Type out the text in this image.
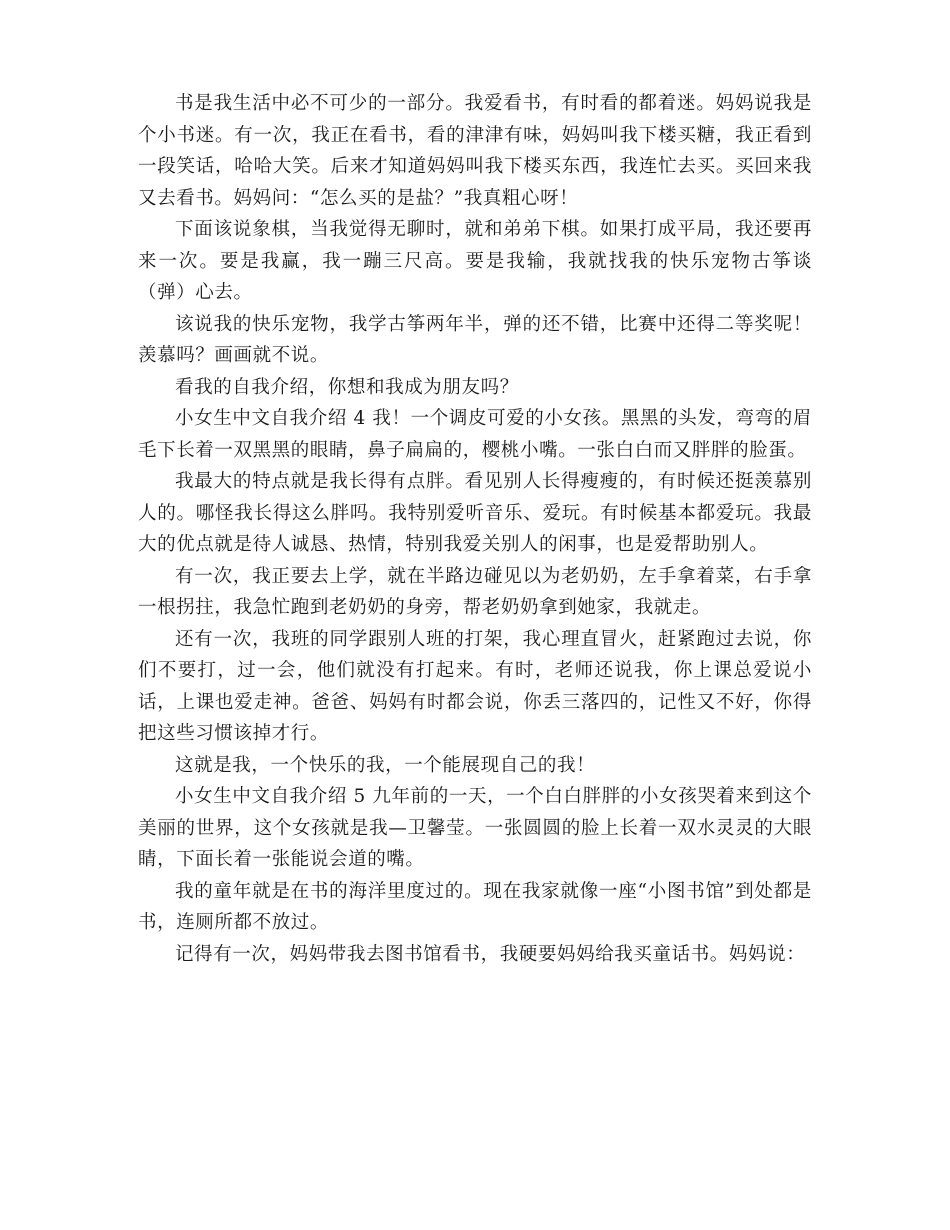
书是我生活中必不可少的一部分。我爱看书，有时看的都着迷。妈妈说我是个小书迷。有一次，我正在看书，看的津津有味，妈妈叫我下楼买糖，我正看到一段笑话，哈哈大笑。后来才知道妈妈叫我下楼买东西，我连忙去买。买回来我又去看书。妈妈问：“怎么买的是盐？”我真粗心呀！

下面该说象棋，当我觉得无聊时，就和弟弟下棋。如果打成平局，我还要再来一次。要是我赢，我一蹦三尺高。要是我输，我就找我的快乐宠物古筝谈（弹）心去。

该说我的快乐宠物，我学古筝两年半，弹的还不错，比赛中还得二等奖呢！羡慕吗？画画就不说。

看我的自我介绍，你想和我成为朋友吗？

小女生中文自我介绍 4 我！一个调皮可爱的小女孩。黑黑的头发，弯弯的眉毛下长着一双黑黑的眼睛，鼻子扁扁的，樱桃小嘴。一张白白而又胖胖的脸蛋。

我最大的特点就是我长得有点胖。看见别人长得瘦瘦的，有时候还挺羡慕别人的。哪怪我长得这么胖吗。我特别爱听音乐、爱玩。有时候基本都爱玩。我最大的优点就是待人诚恳、热情，特别我爱关别人的闲事，也是爱帮助别人。

有一次，我正要去上学，就在半路边碰见以为老奶奶，左手拿着菜，右手拿一根拐拄，我急忙跑到老奶奶的身旁，帮老奶奶拿到她家，我就走。

还有一次，我班的同学跟别人班的打架，我心理直冒火，赶紧跑过去说，你们不要打，过一会，他们就没有打起来。有时，老师还说我，你上课总爱说小话，上课也爱走神。爸爸、妈妈有时都会说，你丢三落四的，记性又不好，你得把这些习惯该掉才行。

这就是我，一个快乐的我，一个能展现自己的我！

小女生中文自我介绍 5 九年前的一天，一个白白胖胖的小女孩哭着来到这个美丽的世界，这个女孩就是我—卫馨莹。一张圆圆的脸上长着一双水灵灵的大眼睛，下面长着一张能说会道的嘴。

我的童年就是在书的海洋里度过的。现在我家就像一座“小图书馆”到处都是书，连厕所都不放过。

记得有一次，妈妈带我去图书馆看书，我硬要妈妈给我买童话书。妈妈说：
